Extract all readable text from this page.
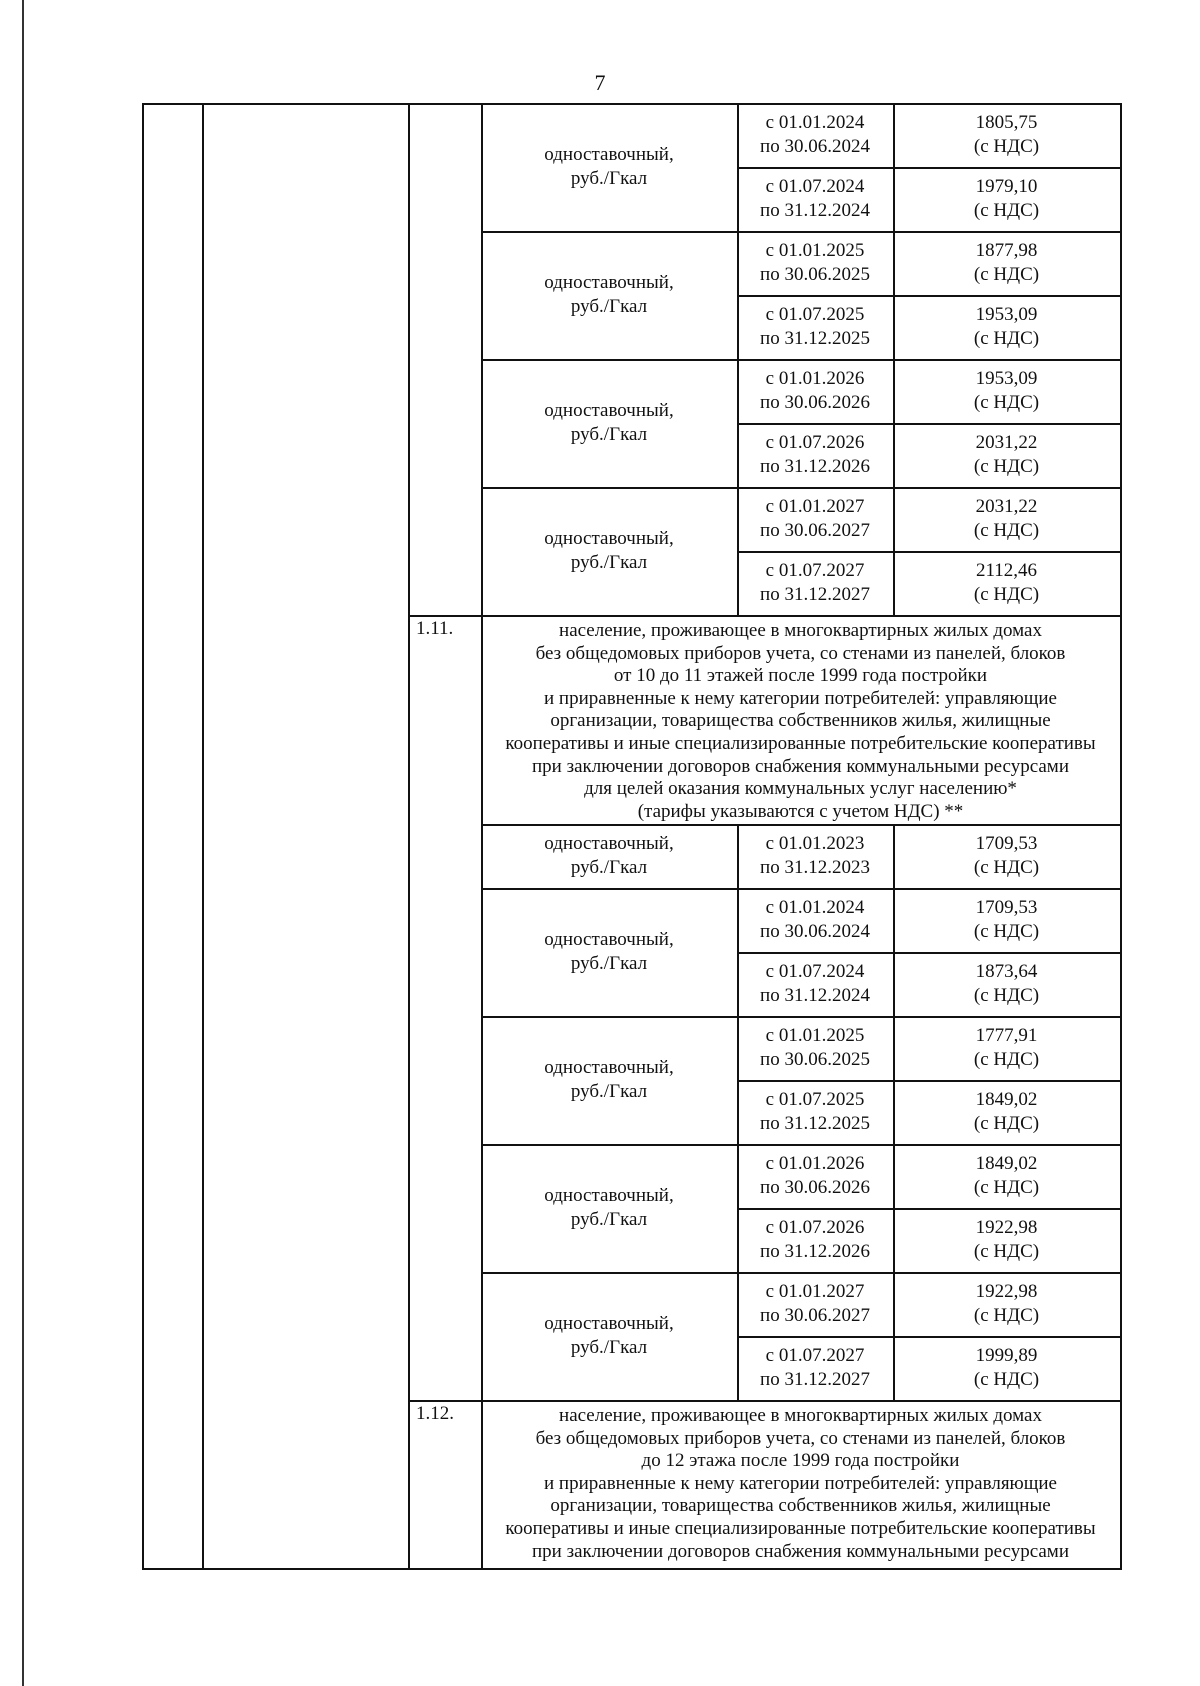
7
одноставочный,
руб./Гкал
с 01.01.2024
по 30.06.2024
1805,75
(с НДС)
с 01.07.2024
по 31.12.2024
1979,10
(с НДС)
одноставочный,
руб./Гкал
с 01.01.2025
по 30.06.2025
1877,98
(с НДС)
с 01.07.2025
по 31.12.2025
1953,09
(с НДС)
одноставочный,
руб./Гкал
с 01.01.2026
по 30.06.2026
1953,09
(с НДС)
с 01.07.2026
по 31.12.2026
2031,22
(с НДС)
одноставочный,
руб./Гкал
с 01.01.2027
по 30.06.2027
2031,22
(с НДС)
с 01.07.2027
по 31.12.2027
2112,46
(с НДС)
1.11.	население, проживающее в многоквартирных жилых домах
без общедомовых приборов учета, со стенами из панелей, блоков
от 10 до 11 этажей после 1999 года постройки
и приравненные к нему категории потребителей: управляющие
организации, товарищества собственников жилья, жилищные
кооперативы и иные специализированные потребительские кооперативы
при заключении договоров снабжения коммунальными ресурсами
для целей оказания коммунальных услуг населению*
(тарифы указываются с учетом НДС) **
одноставочный,
руб./Гкал
с 01.01.2023
по 31.12.2023
1709,53
(с НДС)
одноставочный,
руб./Гкал
с 01.01.2024
по 30.06.2024
1709,53
(с НДС)
с 01.07.2024
по 31.12.2024
1873,64
(с НДС)
одноставочный,
руб./Гкал
с 01.01.2025
по 30.06.2025
1777,91
(с НДС)
с 01.07.2025
по 31.12.2025
1849,02
(с НДС)
одноставочный,
руб./Гкал
с 01.01.2026
по 30.06.2026
1849,02
(с НДС)
с 01.07.2026
по 31.12.2026
1922,98
(с НДС)
одноставочный,
руб./Гкал
с 01.01.2027
по 30.06.2027
1922,98
(с НДС)
с 01.07.2027
по 31.12.2027
1999,89
(с НДС)
1.12.	население, проживающее в многоквартирных жилых домах
без общедомовых приборов учета, со стенами из панелей, блоков
до 12 этажа после 1999 года постройки
и приравненные к нему категории потребителей: управляющие
организации, товарищества собственников жилья, жилищные
кооперативы и иные специализированные потребительские кооперативы
при заключении договоров снабжения коммунальными ресурсами
